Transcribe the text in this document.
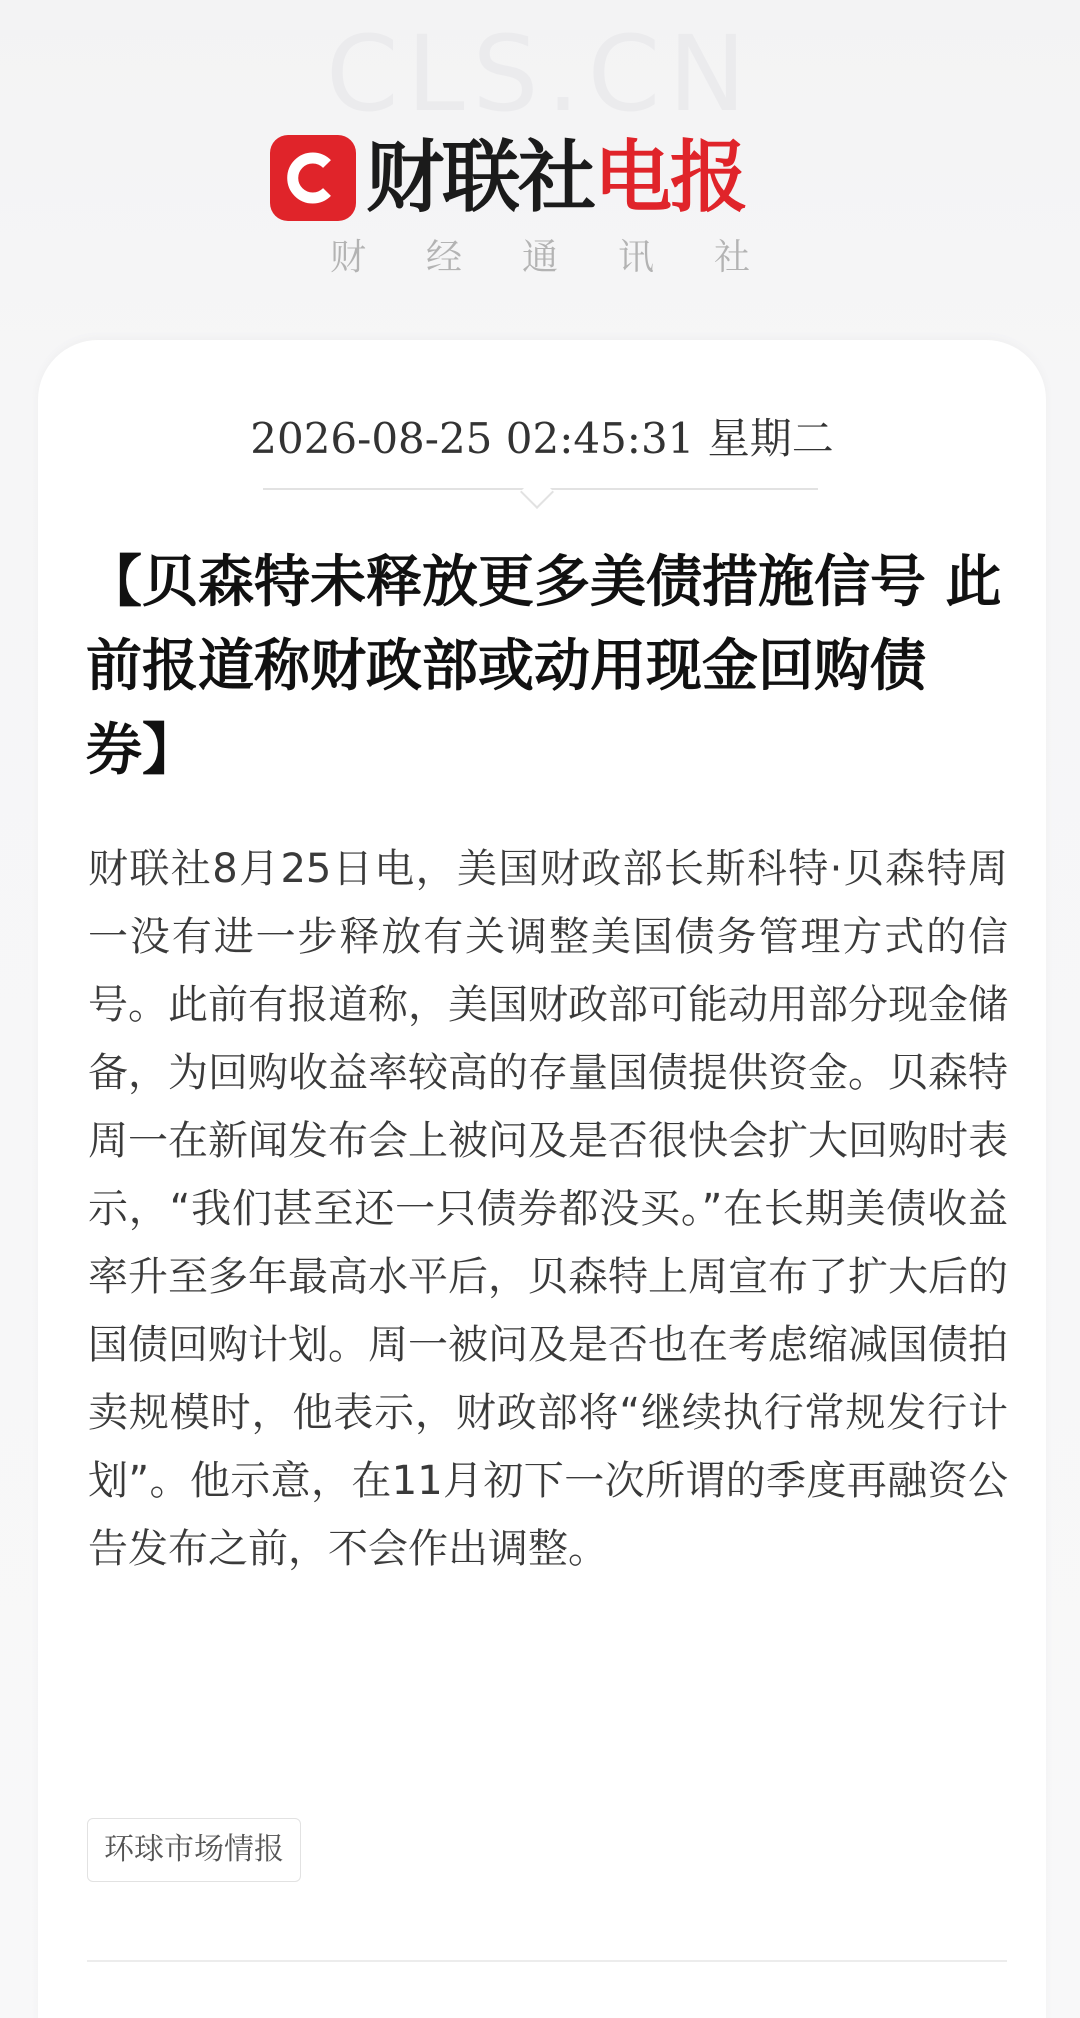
CLS.CN
财联社 电报
财经通讯社
2026-08-25 02:45:31 星期二
【贝森特未释放更多美债措施信号 此前报道称财政部或动用现金回购债券】

财联社8月25日电，美国财政部长斯科特·贝森特周一没有进一步释放有关调整美国债务管理方式的信号。此前有报道称，美国财政部可能动用部分现金储备，为回购收益率较高的存量国债提供资金。贝森特周一在新闻发布会上被问及是否很快会扩大回购时表示，“我们甚至还一只债券都没买。”在长期美债收益率升至多年最高水平后，贝森特上周宣布了扩大后的国债回购计划。周一被问及是否也在考虑缩减国债拍卖规模时，他表示，财政部将“继续执行常规发行计划”。他示意，在11月初下一次所谓的季度再融资公告发布之前，不会作出调整。

环球市场情报
